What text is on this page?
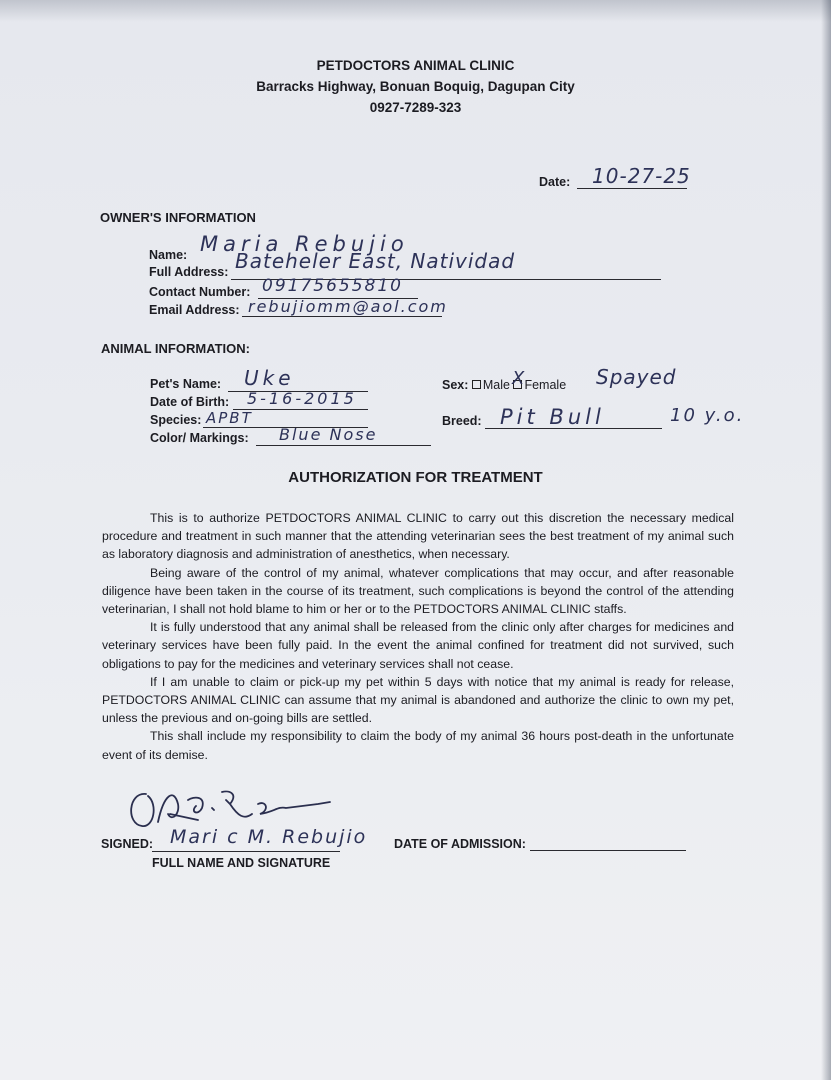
PETDOCTORS ANIMAL CLINIC
Barracks Highway, Bonuan Boquig, Dagupan City
0927-7289-323
Date: 10-27-25
OWNER'S INFORMATION
Name: Maria Rebujio
Full Address: Bateheler East, Natividad
Contact Number: 09175655810
Email Address: rebujiomm@aol.com
ANIMAL INFORMATION:
Pet's Name: Uke
Date of Birth: 5-16-2015
Species: APBT
Color/ Markings: Blue Nose
Sex: Male Female
X	Spayed
Breed: Pit Bull	10 y.o.
AUTHORIZATION FOR TREATMENT

This is to authorize PETDOCTORS ANIMAL CLINIC to carry out this discretion the necessary medical procedure and treatment in such manner that the attending veterinarian sees the best treatment of my animal such as laboratory diagnosis and administration of anesthetics, when necessary.

Being aware of the control of my animal, whatever complications that may occur, and after reasonable diligence have been taken in the course of its treatment, such complications is beyond the control of the attending veterinarian, I shall not hold blame to him or her or to the PETDOCTORS ANIMAL CLINIC staffs.

It is fully understood that any animal shall be released from the clinic only after charges for medicines and veterinary services have been fully paid. In the event the animal confined for treatment did not survived, such obligations to pay for the medicines and veterinary services shall not cease.

If I am unable to claim or pick-up my pet within 5 days with notice that my animal is ready for release, PETDOCTORS ANIMAL CLINIC can assume that my animal is abandoned and authorize the clinic to own my pet, unless the previous and on-going bills are settled.

This shall include my responsibility to claim the body of my animal 36 hours post-death in the unfortunate event of its demise.

SIGNED: Mari c M. Rebujio
FULL NAME AND SIGNATURE
DATE OF ADMISSION:
